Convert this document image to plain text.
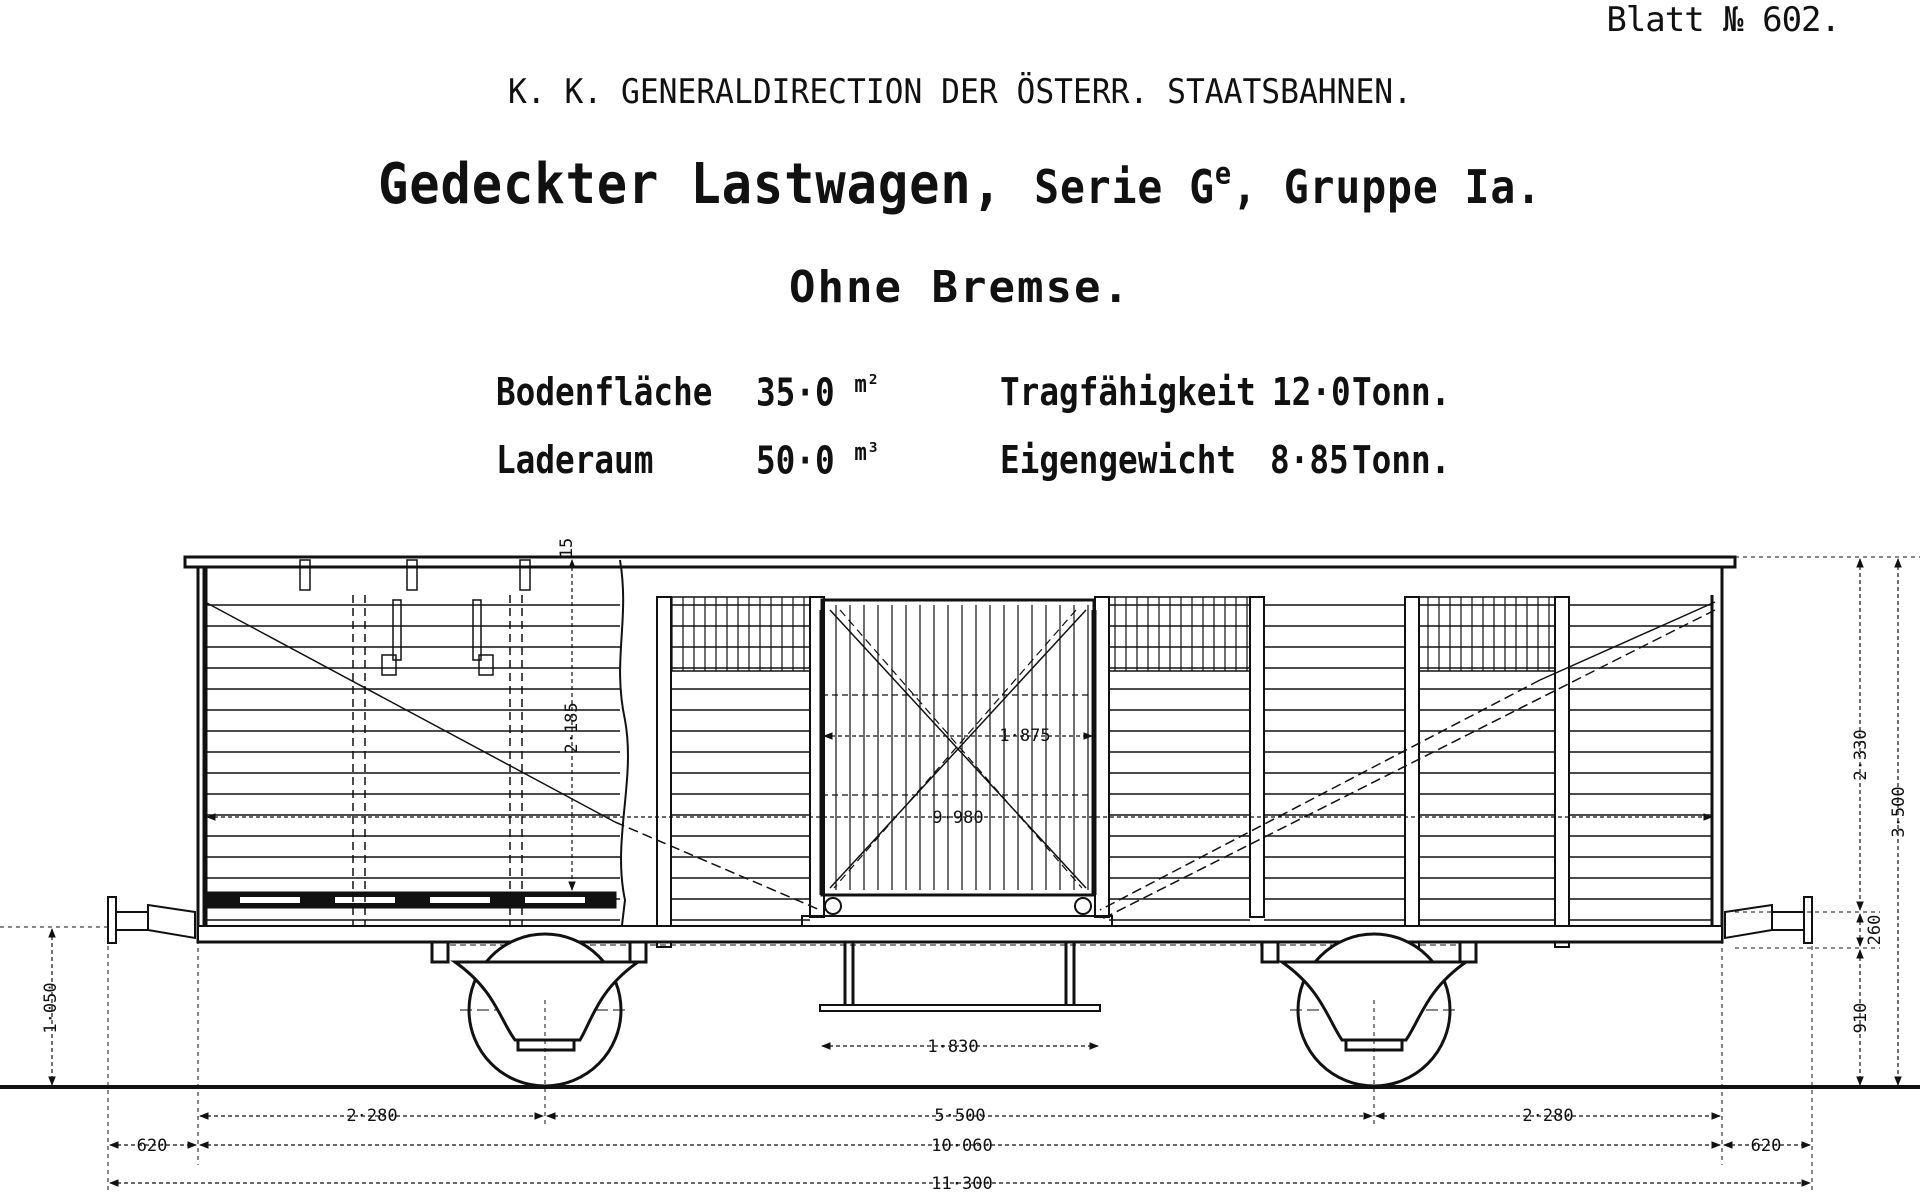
Blatt № 602.
K. K. GENERALDIRECTION DER ÖSTERR. STAATSBAHNEN.
Gedeckter Lastwagen, Serie $G^e$, Gruppe Ia.
Ohne Bremse.
Bodenfläche 35·0 $^{m^2}$
Laderaum	50·0 $^{m^3}$
Tragfähigkeit 12·0 Tonn.
Eigengewicht 8·85 Tonn.
15
2·185	1·875
9·980
1·830
2·280	5·500	2·280
620	10·060	620
11·300
1·050
2·330
3·500
260
910
